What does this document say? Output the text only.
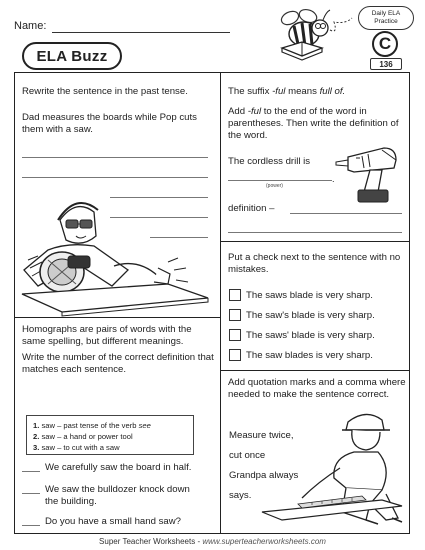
Name:
ELA Buzz
Daily ELA
Practice
C
136
Rewrite the sentence in the past tense.
Dad measures the boards while Pop cuts them with a saw.
The suffix -ful means full of.
Add -ful to the end of the word in parentheses. Then write the definition of the word.
The cordless drill is
.
(power)
definition –
Put a check next to the sentence with no mistakes.
The saws blade is very sharp.
The saw's blade is very sharp.
The saws' blade is very sharp.
The saw blades is very sharp.
Homographs are pairs of words with the same spelling, but different meanings.
Write the number of the correct definition that matches each sentence.
1. saw – past tense of the verb see
2. saw – a hand or power tool
3. saw – to cut with a saw
We carefully saw the board in half.
We saw the bulldozer knock down the building.
Do you have a small hand saw?
Add quotation marks and a comma where needed to make the sentence correct.
Measure twice,
cut once
Grandpa always
says.
Super Teacher Worksheets - www.superteacherworksheets.com
